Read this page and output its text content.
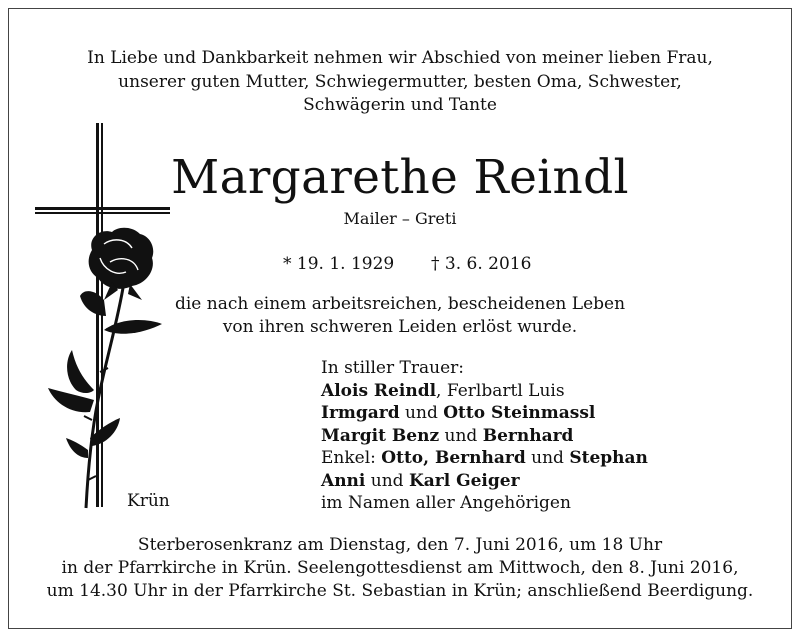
In Liebe und Dankbarkeit nehmen wir Abschied von meiner lieben Frau,
unserer guten Mutter, Schwiegermutter, besten Oma, Schwester,
Schwägerin und Tante
Margarethe Reindl
Mailer – Greti
* 19. 1. 1929 † 3. 6. 2016
die nach einem arbeitsreichen, bescheidenen Leben
von ihren schweren Leiden erlöst wurde.
In stiller Trauer:
Alois Reindl, Ferlbartl Luis
Irmgard und Otto Steinmassl
Margit Benz und Bernhard
Enkel: Otto, Bernhard und Stephan
Anni und Karl Geiger
im Namen aller Angehörigen
Krün
Sterberosenkranz am Dienstag, den 7. Juni 2016, um 18 Uhr
in der Pfarrkirche in Krün. Seelengottesdienst am Mittwoch, den 8. Juni 2016,
um 14.30 Uhr in der Pfarrkirche St. Sebastian in Krün; anschließend Beerdigung.
